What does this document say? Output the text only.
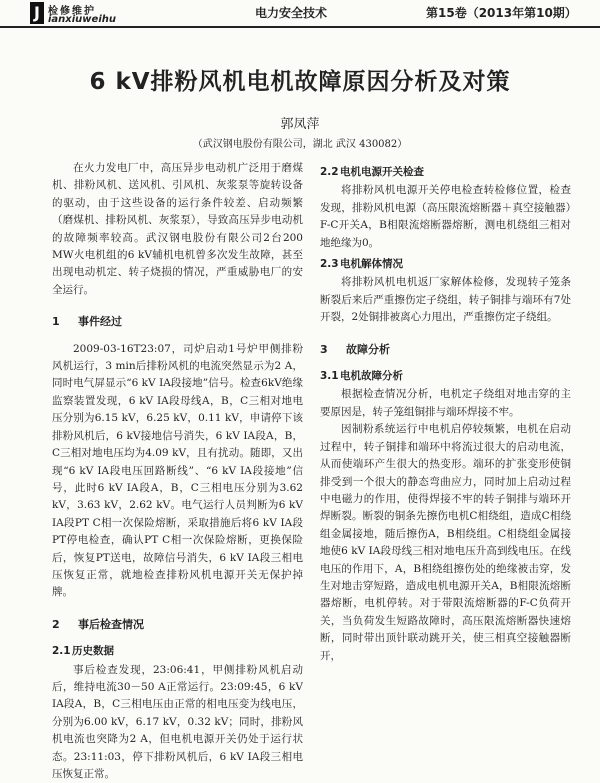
J 检修维护
ianxiuweihu	电力安全技术	第15卷（2013年第10期）
6 kV排粉风机电机故障原因分析及对策
郭凤萍
（武汉钢电股份有限公司，湖北 武汉 430082）

在火力发电厂中，高压异步电动机广泛用于磨煤机、排粉风机、送风机、引风机、灰浆泵等旋转设备的驱动，由于这些设备的运行条件较差、启动频繁（磨煤机、排粉风机、灰浆泵），导致高压异步电动机的故障频率较高。武汉钢电股份有限公司2台200 MW火电机组的6 kV辅机电机曾多次发生故障，甚至出现电动机定、转子烧损的情况，严重威胁电厂的安全运行。

1 事件经过

2009-03-16T23:07，司炉启动1号炉甲侧排粉风机运行，3 min后排粉风机的电流突然显示为2 A，同时电气屏显示“6 kV IA段接地”信号。检查6kV绝缘监察装置发现，6 kV IA段母线A，B，C三相对地电压分别为6.15 kV，6.25 kV，0.11 kV，申请停下该排粉风机后，6 kV接地信号消失，6 kV IA段A，B，C三相对地电压均为4.09 kV，且有扰动。随即，又出现“6 kV IA段电压回路断线”、“6 kV IA段接地”信号，此时6 kV IA段A，B，C三相电压分别为3.62 kV，3.63 kV，2.62 kV。电气运行人员判断为6 kV IA段PT C相一次保险熔断，采取措施后将6 kV IA段PT停电检查，确认PT C相一次保险熔断，更换保险后，恢复PT送电，故障信号消失，6 kV IA段三相电压恢复正常，就地检查排粉风机电源开关无保护掉牌。

2 事后检查情况
2.1历史数据

事后检查发现，23:06:41，甲侧排粉风机启动后，维持电流30－50 A正常运行。23:09:45，6 kV IA段A，B，C三相电压由正常的相电压变为线电压，分别为6.00 kV，6.17 kV，0.32 kV；同时，排粉风机电流也突降为2 A，但电机电源开关仍处于运行状态。23:11:03，停下排粉风机后，6 kV IA段三相电压恢复正常。

2.2电机电源开关检查

将排粉风机电源开关停电检查转检修位置，检查发现，排粉风机电源（高压限流熔断器＋真空接触器）F-C开关A，B相限流熔断器熔断，测电机绕组三相对地绝缘为0。

2.3电机解体情况

将排粉风机电机返厂家解体检修，发现转子笼条断裂后来后严重擦伤定子绕组，转子铜排与端环有7处开裂，2处铜排被离心力甩出，严重擦伤定子绕组。

3 故障分析
3.1电机故障分析

根据检查情况分析，电机定子绕组对地击穿的主要原因是，转子笼组铜排与端环焊接不牢。

因制粉系统运行中电机启停较频繁，电机在启动过程中，转子铜排和端环中将流过很大的启动电流，从而使端环产生很大的热变形。端环的扩张变形使铜排受到一个很大的静态弯曲应力，同时加上启动过程中电磁力的作用，使得焊接不牢的转子铜排与端环开焊断裂。断裂的铜条先擦伤电机C相绕组，造成C相绕组金属接地，随后擦伤A，B相绕组。C相绕组金属接地使6 kV IA段母线三相对地电压升高到线电压。在线电压的作用下，A，B相绕组擦伤处的绝缘被击穿，发生对地击穿短路，造成电机电源开关A，B相限流熔断器熔断，电机停转。对于带限流熔断器的F-C负荷开关，当负荷发生短路故障时，高压限流熔断器快速熔断，同时带出顶针联动跳开关，使三相真空接触器断开，
